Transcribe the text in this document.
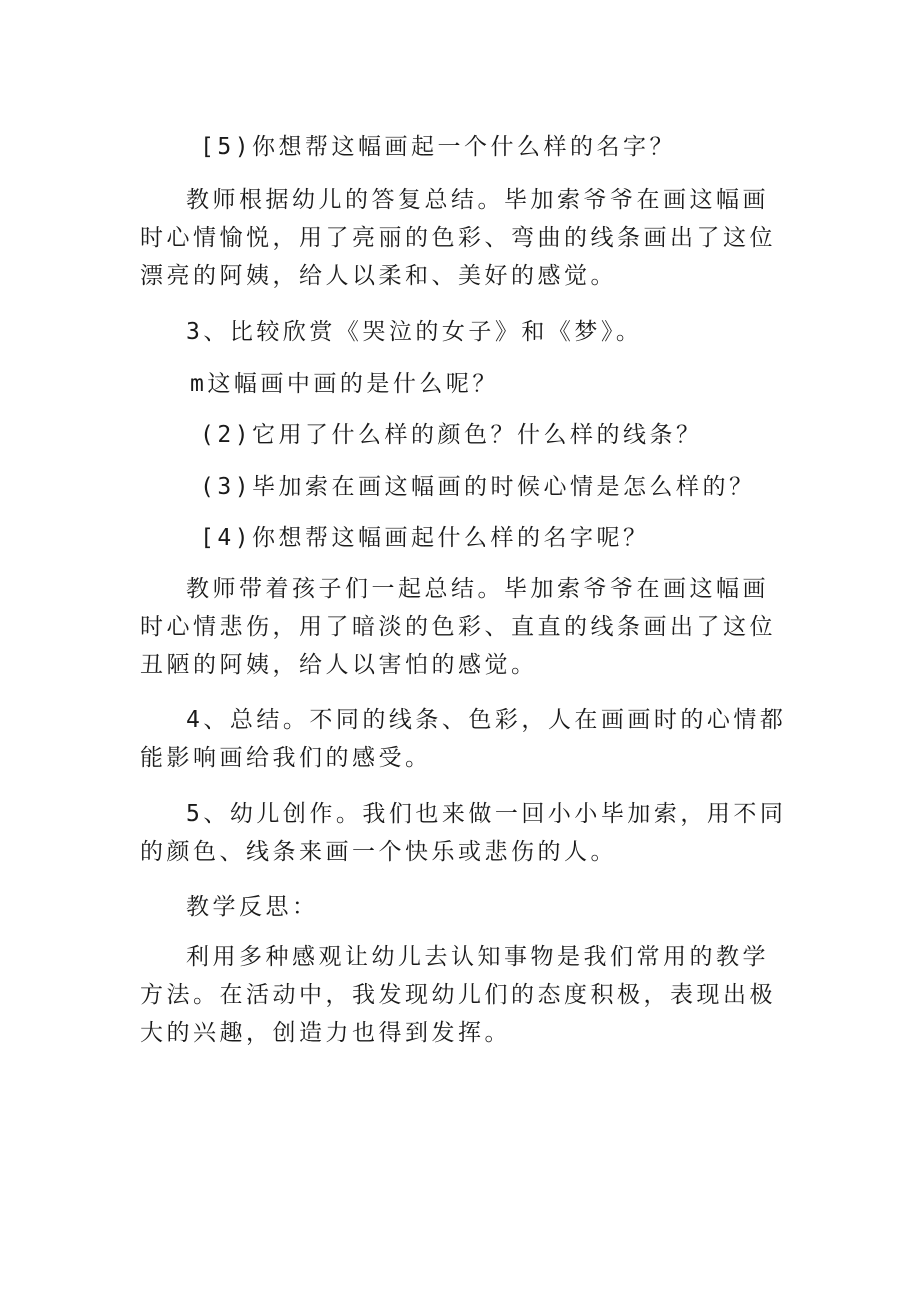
[5)你想帮这幅画起一个什么样的名字？

教师根据幼儿的答复总结。毕加索爷爷在画这幅画时心情愉悦，用了亮丽的色彩、弯曲的线条画出了这位漂亮的阿姨，给人以柔和、美好的感觉。

3、比较欣赏《哭泣的女子》和《梦》。

m这幅画中画的是什么呢？

(2)它用了什么样的颜色？什么样的线条？

(3)毕加索在画这幅画的时候心情是怎么样的？

[4)你想帮这幅画起什么样的名字呢？

教师带着孩子们一起总结。毕加索爷爷在画这幅画时心情悲伤，用了暗淡的色彩、直直的线条画出了这位丑陋的阿姨，给人以害怕的感觉。

4、总结。不同的线条、色彩，人在画画时的心情都能影响画给我们的感受。

5、幼儿创作。我们也来做一回小小毕加索，用不同的颜色、线条来画一个快乐或悲伤的人。

教学反思：

利用多种感观让幼儿去认知事物是我们常用的教学方法。在活动中，我发现幼儿们的态度积极，表现出极大的兴趣，创造力也得到发挥。
